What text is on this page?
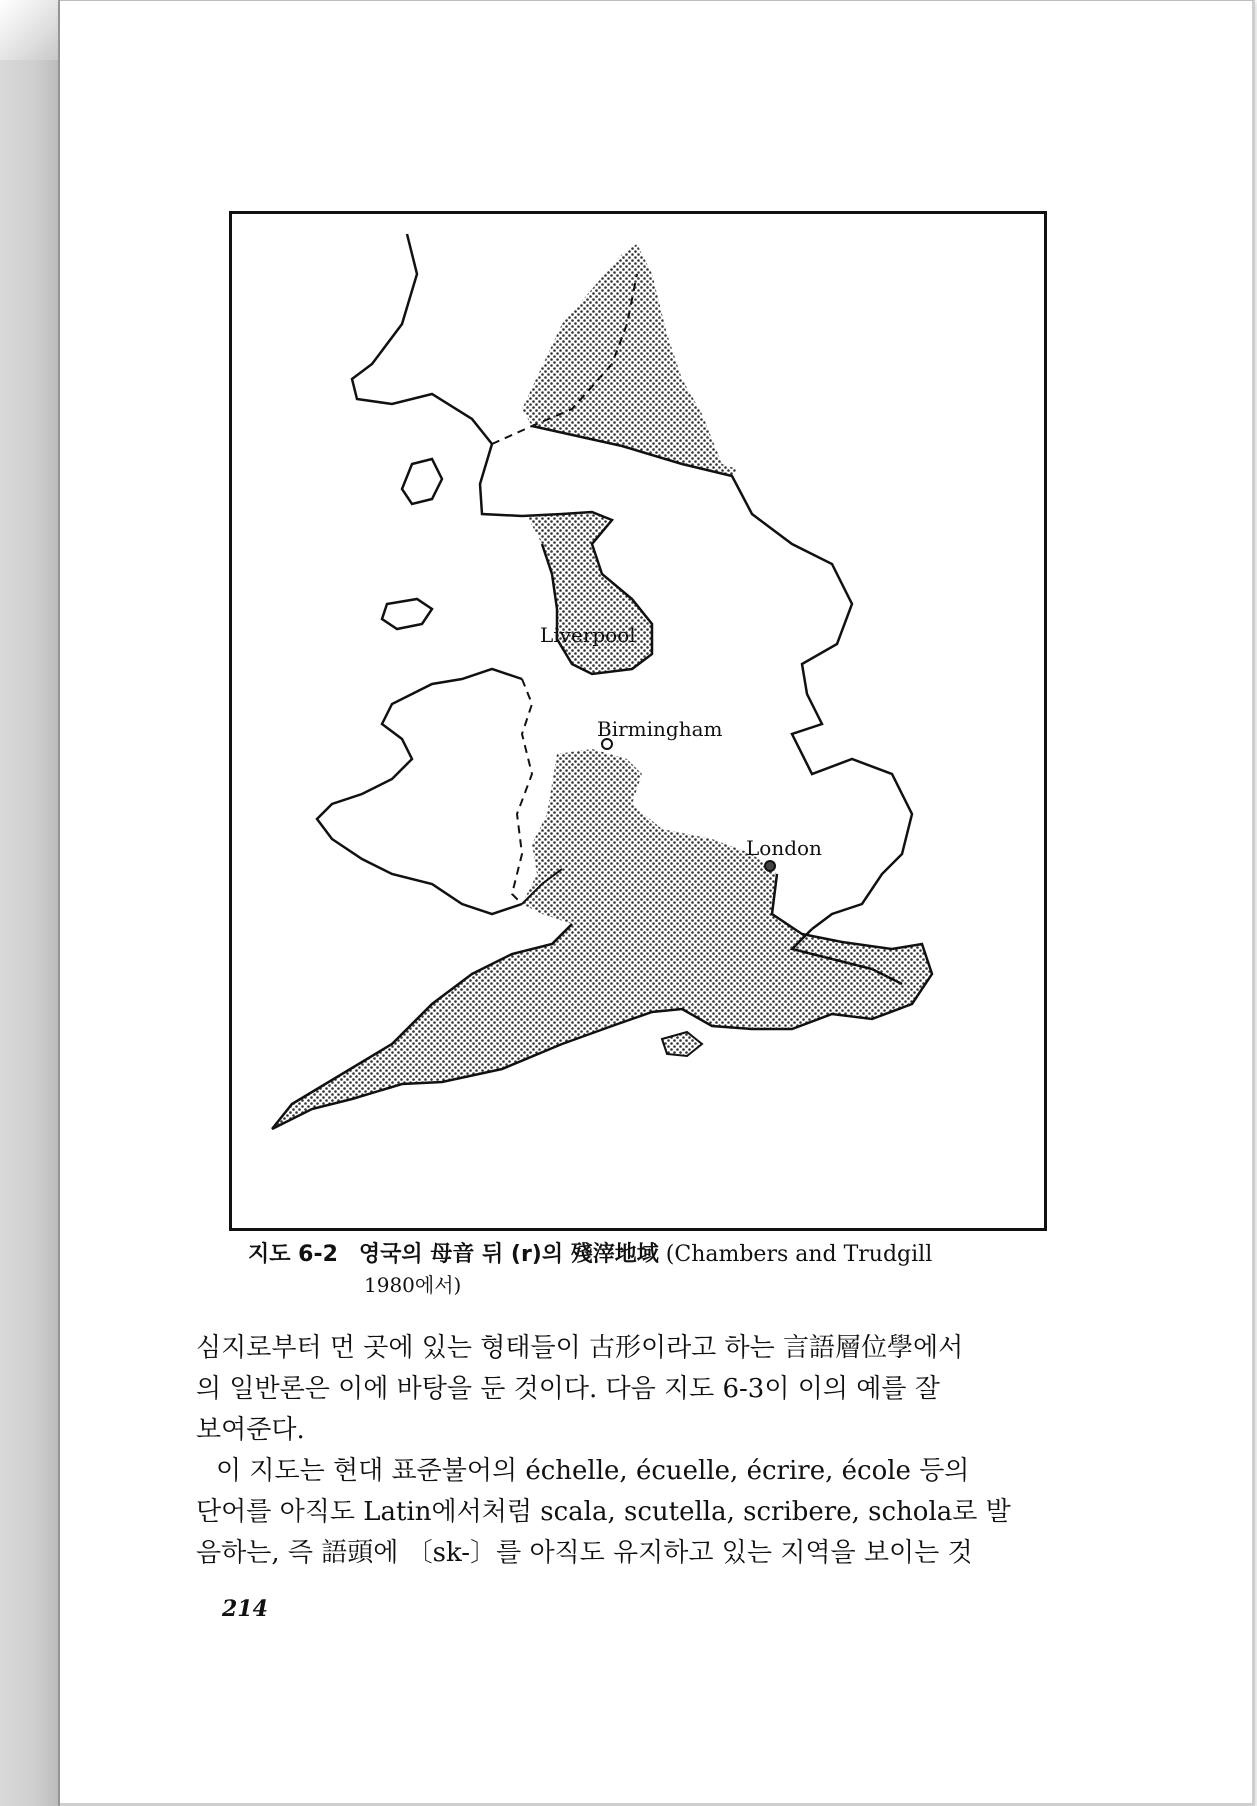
Liverpool
Birmingham
London
지도 6-2 영국의 母音 뒤 (r)의 殘滓地域 (Chambers and Trudgill
1980에서)

심지로부터 먼 곳에 있는 형태들이 古形이라고 하는 言語層位學에서
의 일반론은 이에 바탕을 둔 것이다. 다음 지도 6-3이 이의 예를 잘
보여준다.

이 지도는 현대 표준불어의 échelle, écuelle, écrire, école 등의
단어를 아직도 Latin에서처럼 scala, scutella, scribere, schola로 발
음하는, 즉 語頭에 〔sk-〕를 아직도 유지하고 있는 지역을 보이는 것

214
